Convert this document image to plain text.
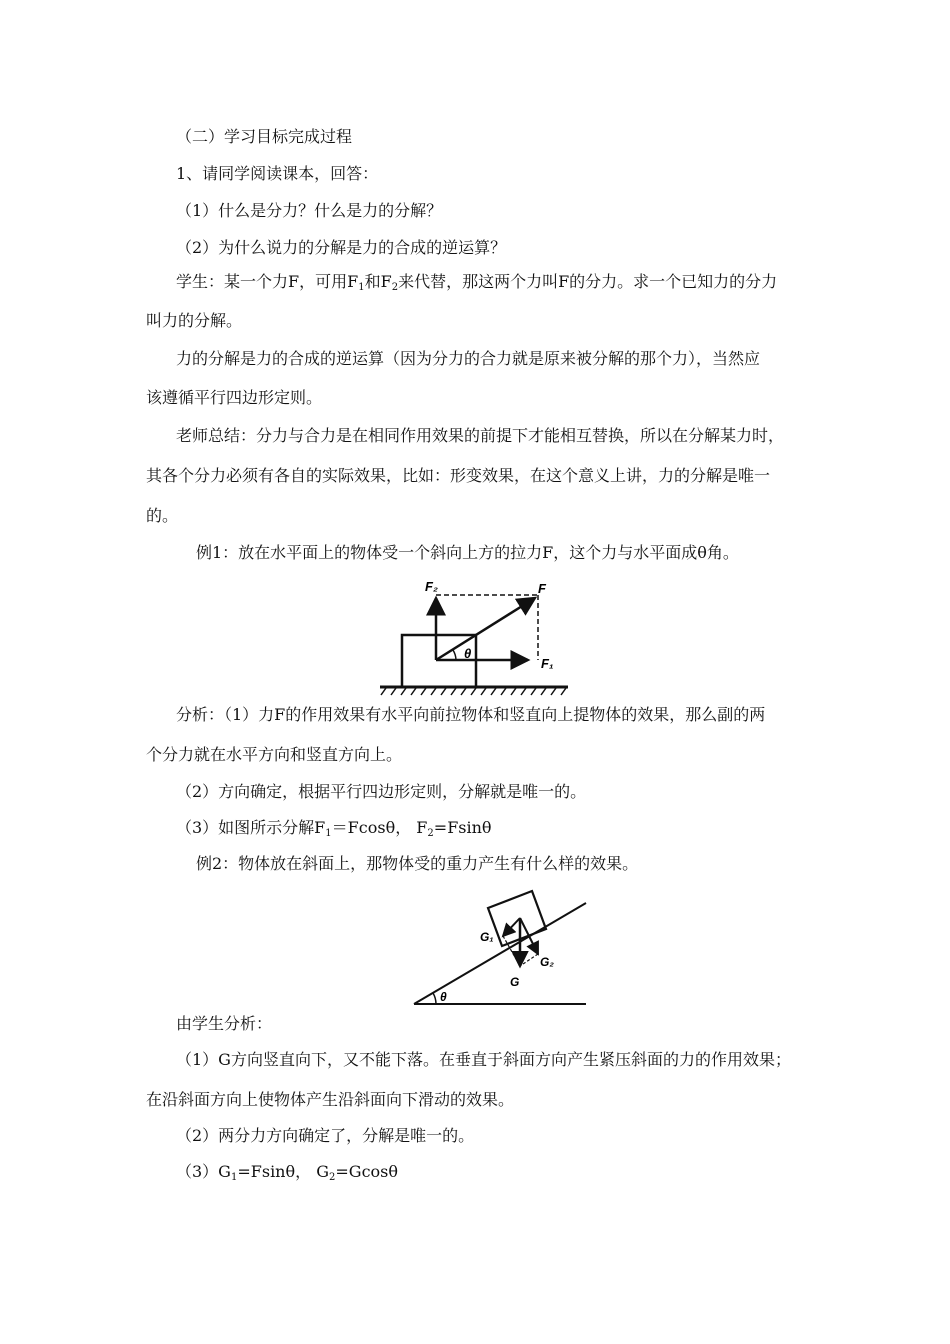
（二）学习目标完成过程
1、请同学阅读课本，回答：
（1）什么是分力？什么是力的分解？
（2）为什么说力的分解是力的合成的逆运算？
学生：某一个力F，可用$F_1$和$F_2$来代替，那这两个力叫F的分力。求一个已知力的分力
叫力的分解。
力的分解是力的合成的逆运算（因为分力的合力就是原来被分解的那个力），当然应
该遵循平行四边形定则。
老师总结：分力与合力是在相同作用效果的前提下才能相互替换，所以在分解某力时，
其各个分力必须有各自的实际效果，比如：形变效果，在这个意义上讲，力的分解是唯一
的。
例1：放在水平面上的物体受一个斜向上方的拉力F，这个力与水平面成θ角。
F₂	F
θ
F₁
分析：（1）力F的作用效果有水平向前拉物体和竖直向上提物体的效果，那么副的两
个分力就在水平方向和竖直方向上。
（2）方向确定，根据平行四边形定则，分解就是唯一的。
（3）如图所示分解$F_1=Fcos\theta$， $F_2=Fsin\theta$
例2：物体放在斜面上，那物体受的重力产生有什么样的效果。
G₁
G₂
G
θ
由学生分析：
（1）G方向竖直向下，又不能下落。在垂直于斜面方向产生紧压斜面的力的作用效果；
在沿斜面方向上使物体产生沿斜面向下滑动的效果。
（2）两分力方向确定了，分解是唯一的。
$(3)G_1=Fsin\theta$， $G_2=Gcos\theta$
